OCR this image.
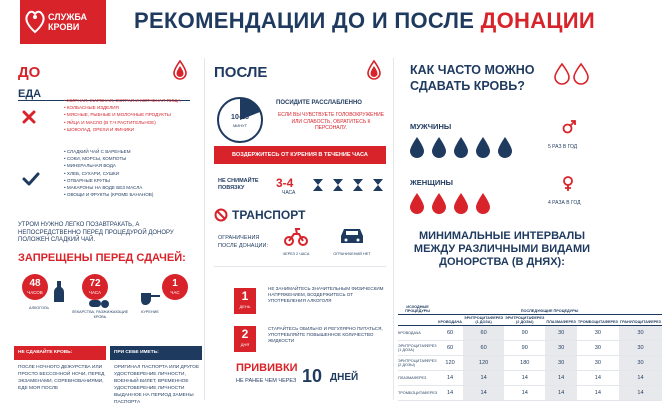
СЛУЖБА
КРОВИ	РЕКОМЕНДАЦИИ ДО И ПОСЛЕ ДОНАЦИИ
ДО
ЕДА
• ЖИРНАЯ, ЖАРЕНАЯ, ОСТРАЯ И КОПЧЕНАЯ ПИЩА
• КОЛБАСНЫЕ ИЗДЕЛИЯ
• МЯСНЫЕ, РЫБНЫЕ И МОЛОЧНЫЕ ПРОДУКТЫ
• ЯЙЦА И МАСЛО (В Т.Ч РАСТИТЕЛЬНОЕ)
• ШОКОЛАД, ОРЕХИ И ФИНИКИ
• СЛАДКИЙ ЧАЙ С ВАРЕНЬЕМ
• СОКИ, МОРСЫ, КОМПОТЫ
• МИНЕРАЛЬНАЯ ВОДА
• ХЛЕБ, СУХАРИ, СУШКИ
• ОТВАРНЫЕ КРУПЫ
• МАКАРОНЫ НА ВОДЕ БЕЗ МАСЛА
• ОВОЩИ И ФРУКТЫ (КРОМЕ БАНАНОВ)
УТРОМ НУЖНО ЛЕГКО ПОЗАВТРАКАТЬ, А НЕПОСРЕДСТВЕННО ПЕРЕД ПРОЦЕДУРОЙ ДОНОРУ ПОЛОЖЕН СЛАДКИЙ ЧАЙ.
ЗАПРЕЩЕНЫ ПЕРЕД СДАЧЕЙ:
48
ЧАСОВ
АЛКОГОЛЬ
72
ЧАСА
ЛЕКАРСТВА, РАЗЖИЖАЮЩИЕ КРОВЬ
1
ЧАС
КУРЕНИЕ
НЕ СДАВАЙТЕ КРОВЬ:
ПОСЛЕ НОЧНОГО ДЕЖУРСТВА ИЛИ ПРОСТО БЕССОННОЙ НОЧИ, ПЕРЕД ЭКЗАМЕНАМИ, СОРЕВНОВАНИЯМИ, ЕДЕ МОЯ ПОСЛЕ
ПРИ СЕБЕ ИМЕТЬ:
ОРИГИНАЛ ПАСПОРТА ИЛИ ДРУГОЕ УДОСТОВЕРЕНИЕ ЛИЧНОСТИ, ВОЕННЫЙ БИЛЕТ, ВРЕМЕННОЕ УДОСТОВЕРЕНИЕ ЛИЧНОСТИ ВЫДАННОЕ НА ПЕРИОД ЗАМЕНЫ ПАСПОРТА
ПОСЛЕ
10-15
МИНУТ
ПОСИДИТЕ РАССЛАБЛЕННО
ЕСЛИ ВЫ ЧУВСТВУЕТЕ ГОЛОВОКРУЖЕНИЕ ИЛИ СЛАБОСТЬ, ОБРАТИТЕСЬ К ПЕРСОНАЛУ.
ВОЗДЕРЖИТЕСЬ ОТ КУРЕНИЯ В ТЕЧЕНИЕ ЧАСА
НЕ СНИМАЙТЕ ПОВЯЗКУ	3-4
ЧАСА
ТРАНСПОРТ
ОГРАНИЧЕНИЯ ПОСЛЕ ДОНАЦИИ:
ЧЕРЕЗ 2 ЧАСА	ОГРАНИЧЕНИЙ НЕТ
1
ДЕНЬ
НЕ ЗАНИМАЙТЕСЬ ЗНАЧИТЕЛЬНЫМ ФИЗИЧЕСКИМ НАПРЯЖЕНИЕМ, ВОЗДЕРЖИТЕСЬ ОТ УПОТРЕБЛЕНИЯ АЛКОГОЛЯ
2
ДНЯ
СТАРАЙТЕСЬ ОБИЛЬНО И РЕГУЛЯРНО ПИТАТЬСЯ, УПОТРЕБЛЯЙТЕ ПОВЫШЕННОЕ КОЛИЧЕСТВО ЖИДКОСТИ
ПРИВИВКИ
НЕ РАНЕЕ ЧЕМ ЧЕРЕЗ 10 ДНЕЙ
КАК ЧАСТО МОЖНО СДАВАТЬ КРОВЬ?
МУЖЧИНЫ
5 РАЗ В ГОД
ЖЕНЩИНЫ
4 РАЗА В ГОД
МИНИМАЛЬНЫЕ ИНТЕРВАЛЫ МЕЖДУ РАЗЛИЧНЫМИ ВИДАМИ ДОНОРСТВА (В ДНЯХ):
ИСХОДНЫЕ ПРОЦЕДУРЫ	ПОСЛЕДУЮЩИЕ ПРОЦЕДУРЫ					
	КРОВОДАЧА	ЭРИТРОЦИТАФЕРЕЗ (1 ДОЗА)	ЭРИТРОЦИТАФЕРЕЗ (2 ДОЗЫ)	ПЛАЗМАФЕРЕЗ	ТРОМБОЦИТАФЕРЕЗ	ГРАНУЛОЦИТАФЕРЕЗ
КРОВОДАЧА	60	60	90	30	30	30
ЭРИТРОЦИТАФЕРЕЗ (1 ДОЗА)	60	60	90	30	30	30
ЭРИТРОЦИТАФЕРЕЗ (2 ДОЗЫ)	120	120	180	30	30	30
ПЛАЗМАФЕРЕЗ	14	14	14	14	14	14
ТРОМБОЦИТАФЕРЕЗ	14	14	14	14	14	14
